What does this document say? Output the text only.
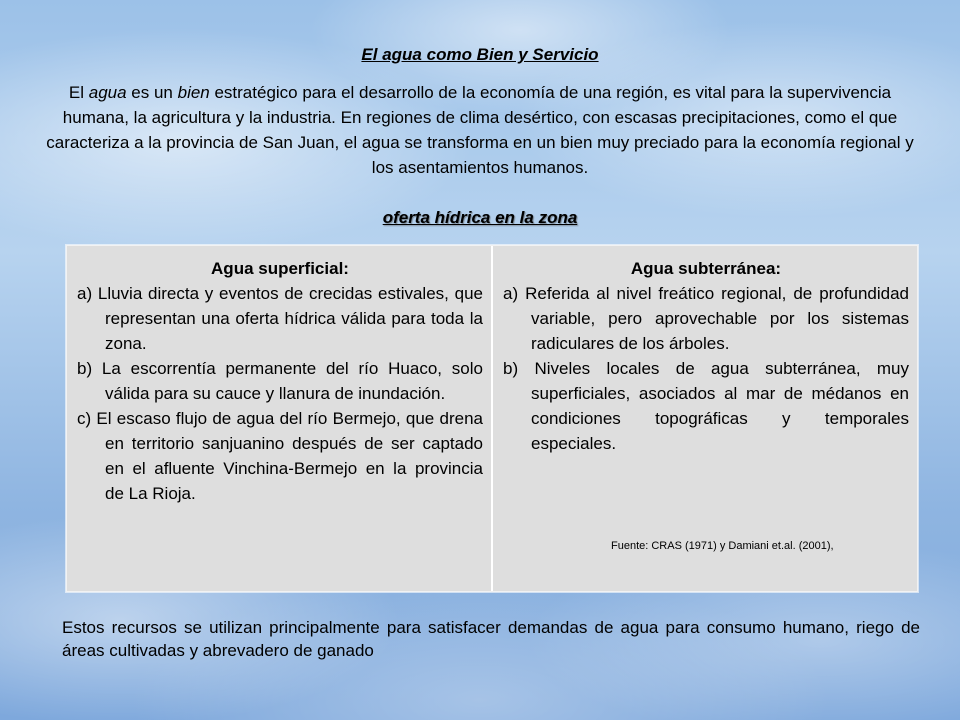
El agua como Bien y Servicio
El agua es un bien estratégico para el desarrollo de la economía de una región, es vital para la supervivencia humana, la agricultura y la industria. En regiones de clima desértico, con escasas precipitaciones, como el que caracteriza a la provincia de San Juan, el agua se transforma en un bien muy preciado para la economía regional y los asentamientos humanos.
oferta hídrica en la zona
Agua superficial:
a) Lluvia directa y eventos de crecidas estivales, que representan una oferta hídrica válida para toda la zona.
b) La escorrentía permanente del río Huaco, solo válida para su cauce y llanura de inundación.
c) El escaso flujo de agua del río Bermejo, que drena en territorio sanjuanino después de ser captado en el afluente Vinchina-Bermejo en la provincia de La Rioja.
Agua subterránea:
a) Referida al nivel freático regional, de profundidad variable, pero aprovechable por los sistemas radiculares de los árboles.
b) Niveles locales de agua subterránea, muy superficiales, asociados al mar de médanos en condiciones topográficas y temporales especiales.
Fuente: CRAS (1971) y Damiani et.al. (2001),
Estos recursos se utilizan principalmente para satisfacer demandas de agua para consumo humano, riego de áreas cultivadas y abrevadero de ganado
